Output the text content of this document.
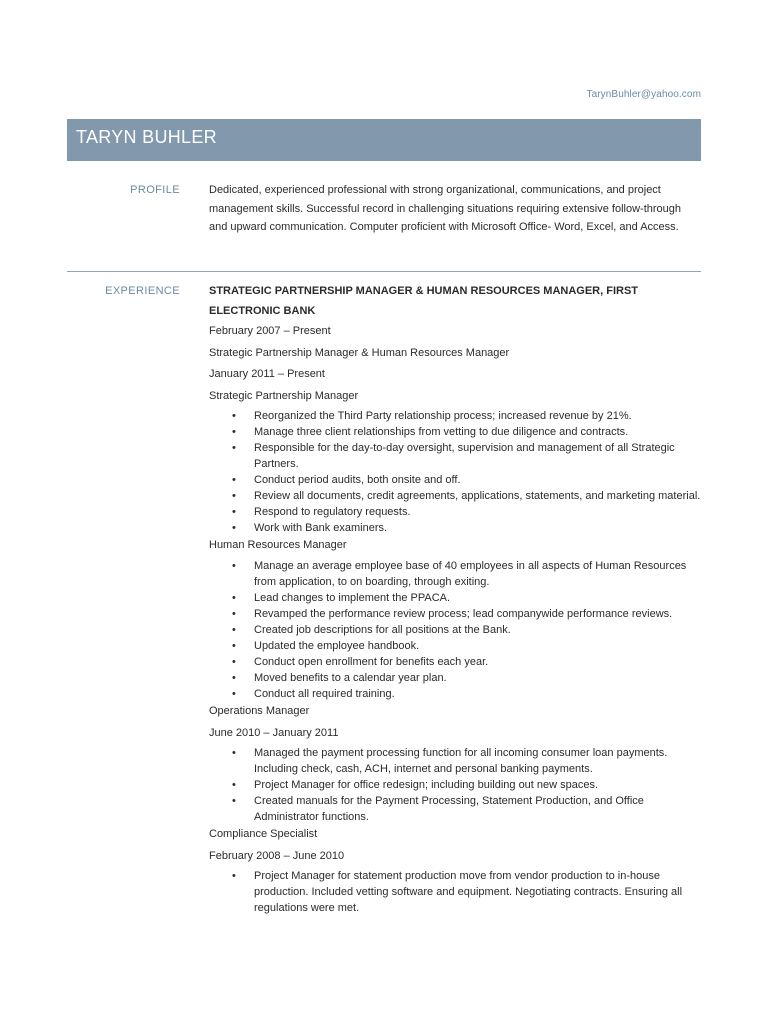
TarynBuhler@yahoo.com
TARYN BUHLER
PROFILE	Dedicated, experienced professional with strong organizational, communications, and project management skills. Successful record in challenging situations requiring extensive follow-through and upward communication. Computer proficient with Microsoft Office- Word, Excel, and Access.
EXPERIENCE	STRATEGIC PARTNERSHIP MANAGER & HUMAN RESOURCES MANAGER, FIRST ELECTRONIC BANK
February 2007 – Present
Strategic Partnership Manager & Human Resources Manager
January 2011 – Present
Strategic Partnership Manager
• Reorganized the Third Party relationship process; increased revenue by 21%.
• Manage three client relationships from vetting to due diligence and contracts.
• Responsible for the day-to-day oversight, supervision and management of all Strategic Partners.
• Conduct period audits, both onsite and off.
• Review all documents, credit agreements, applications, statements, and marketing material.
• Respond to regulatory requests.
• Work with Bank examiners.
Human Resources Manager
• Manage an average employee base of 40 employees in all aspects of Human Resources from application, to on boarding, through exiting.
• Lead changes to implement the PPACA.
• Revamped the performance review process; lead companywide performance reviews.
• Created job descriptions for all positions at the Bank.
• Updated the employee handbook.
• Conduct open enrollment for benefits each year.
• Moved benefits to a calendar year plan.
• Conduct all required training.
Operations Manager
June 2010 – January 2011
• Managed the payment processing function for all incoming consumer loan payments. Including check, cash, ACH, internet and personal banking payments.
• Project Manager for office redesign; including building out new spaces.
• Created manuals for the Payment Processing, Statement Production, and Office Administrator functions.
Compliance Specialist
February 2008 – June 2010
• Project Manager for statement production move from vendor production to in-house production. Included vetting software and equipment. Negotiating contracts. Ensuring all regulations were met.
